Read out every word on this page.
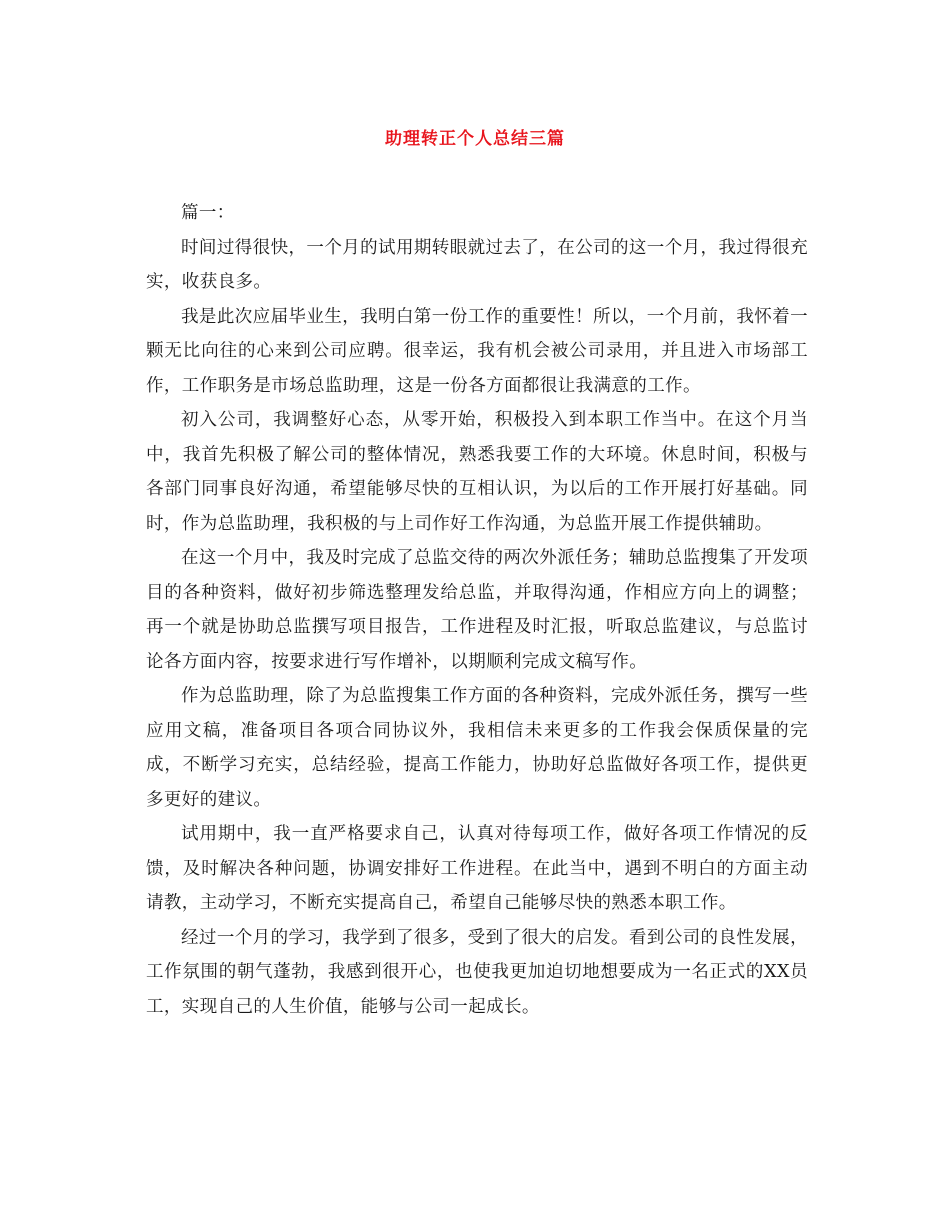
助理转正个人总结三篇

篇一：

时间过得很快，一个月的试用期转眼就过去了，在公司的这一个月，我过得很充实，收获良多。

我是此次应届毕业生，我明白第一份工作的重要性！所以，一个月前，我怀着一颗无比向往的心来到公司应聘。很幸运，我有机会被公司录用，并且进入市场部工作，工作职务是市场总监助理，这是一份各方面都很让我满意的工作。

初入公司，我调整好心态，从零开始，积极投入到本职工作当中。在这个月当中，我首先积极了解公司的整体情况，熟悉我要工作的大环境。休息时间，积极与各部门同事良好沟通，希望能够尽快的互相认识，为以后的工作开展打好基础。同时，作为总监助理，我积极的与上司作好工作沟通，为总监开展工作提供辅助。

在这一个月中，我及时完成了总监交待的两次外派任务；辅助总监搜集了开发项目的各种资料，做好初步筛选整理发给总监，并取得沟通，作相应方向上的调整；再一个就是协助总监撰写项目报告，工作进程及时汇报，听取总监建议，与总监讨论各方面内容，按要求进行写作增补，以期顺利完成文稿写作。

作为总监助理，除了为总监搜集工作方面的各种资料，完成外派任务，撰写一些应用文稿，准备项目各项合同协议外，我相信未来更多的工作我会保质保量的完成，不断学习充实，总结经验，提高工作能力，协助好总监做好各项工作，提供更多更好的建议。

试用期中，我一直严格要求自己，认真对待每项工作，做好各项工作情况的反馈，及时解决各种问题，协调安排好工作进程。在此当中，遇到不明白的方面主动请教，主动学习，不断充实提高自己，希望自己能够尽快的熟悉本职工作。

经过一个月的学习，我学到了很多，受到了很大的启发。看到公司的良性发展，工作氛围的朝气蓬勃，我感到很开心，也使我更加迫切地想要成为一名正式的XX员工，实现自己的人生价值，能够与公司一起成长。
